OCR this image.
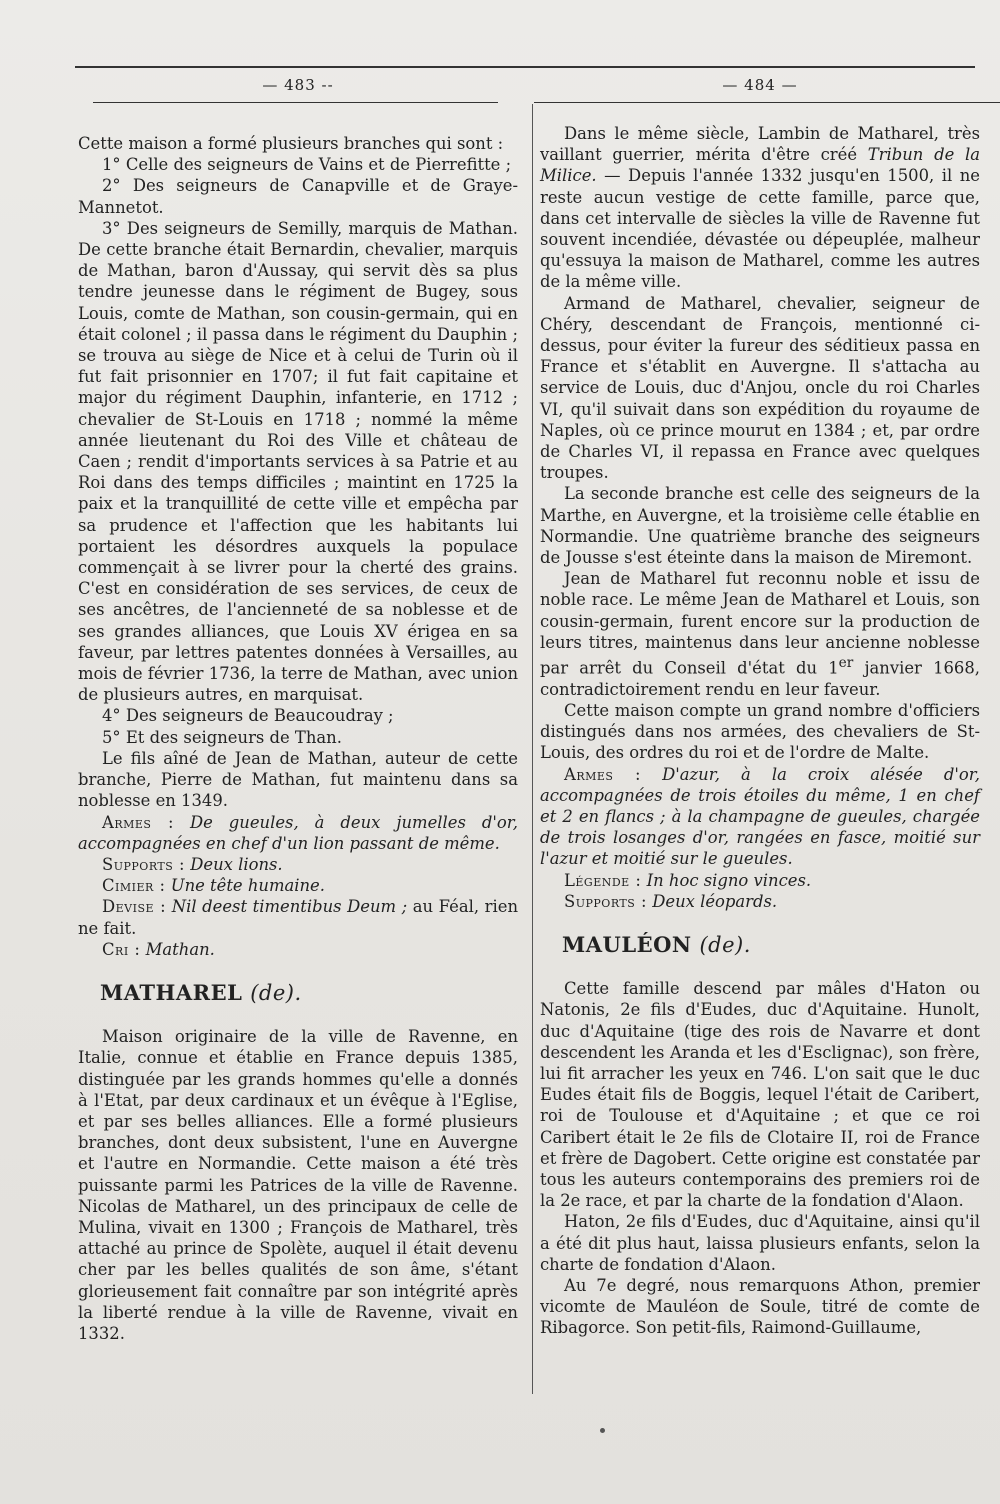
— 483 --

Cette maison a formé plusieurs branches qui sont :

1° Celle des seigneurs de Vains et de Pierrefitte ;

2° Des seigneurs de Canapville et de Graye-Mannetot.

3° Des seigneurs de Semilly, marquis de Mathan. De cette branche était Bernardin, chevalier, marquis de Mathan, baron d'Aussay, qui servit dès sa plus tendre jeunesse dans le régiment de Bugey, sous Louis, comte de Mathan, son cousin-germain, qui en était colonel ; il passa dans le régiment du Dauphin ; se trouva au siège de Nice et à celui de Turin où il fut fait prisonnier en 1707; il fut fait capitaine et major du régiment Dauphin, infanterie, en 1712 ; chevalier de St-Louis en 1718 ; nommé la même année lieutenant du Roi des Ville et château de Caen ; rendit d'importants services à sa Patrie et au Roi dans des temps difficiles ; maintint en 1725 la paix et la tranquillité de cette ville et empêcha par sa prudence et l'affection que les habitants lui portaient les désordres auxquels la populace commençait à se livrer pour la cherté des grains. C'est en considération de ses services, de ceux de ses ancêtres, de l'ancienneté de sa noblesse et de ses grandes alliances, que Louis XV érigea en sa faveur, par lettres patentes données à Versailles, au mois de février 1736, la terre de Mathan, avec union de plusieurs autres, en marquisat.

4° Des seigneurs de Beaucoudray ;

5° Et des seigneurs de Than.

Le fils aîné de Jean de Mathan, auteur de cette branche, Pierre de Mathan, fut maintenu dans sa noblesse en 1349.

Armes : De gueules, à deux jumelles d'or, accompagnées en chef d'un lion passant de même.

Supports : Deux lions.

Cimier : Une tête humaine.

Devise : Nil deest timentibus Deum ; au Féal, rien ne fait.

Cri : Mathan.

MATHAREL (de).

Maison originaire de la ville de Ravenne, en Italie, connue et établie en France depuis 1385, distinguée par les grands hommes qu'elle a donnés à l'Etat, par deux cardinaux et un évêque à l'Eglise, et par ses belles alliances. Elle a formé plusieurs branches, dont deux subsistent, l'une en Auvergne et l'autre en Normandie. Cette maison a été très puissante parmi les Patrices de la ville de Ravenne. Nicolas de Matharel, un des principaux de celle de Mulina, vivait en 1300 ; François de Matharel, très attaché au prince de Spolète, auquel il était devenu cher par les belles qualités de son âme, s'étant glorieusement fait connaître par son intégrité après la liberté rendue à la ville de Ravenne, vivait en 1332.

— 484 —

Dans le même siècle, Lambin de Matharel, très vaillant guerrier, mérita d'être créé Tribun de la Milice. — Depuis l'année 1332 jusqu'en 1500, il ne reste aucun vestige de cette famille, parce que, dans cet intervalle de siècles la ville de Ravenne fut souvent incendiée, dévastée ou dépeuplée, malheur qu'essuya la maison de Matharel, comme les autres de la même ville.

Armand de Matharel, chevalier, seigneur de Chéry, descendant de François, mentionné ci-dessus, pour éviter la fureur des séditieux passa en France et s'établit en Auvergne. Il s'attacha au service de Louis, duc d'Anjou, oncle du roi Charles VI, qu'il suivait dans son expédition du royaume de Naples, où ce prince mourut en 1384 ; et, par ordre de Charles VI, il repassa en France avec quelques troupes.

La seconde branche est celle des seigneurs de la Marthe, en Auvergne, et la troisième celle établie en Normandie. Une quatrième branche des seigneurs de Jousse s'est éteinte dans la maison de Miremont.

Jean de Matharel fut reconnu noble et issu de noble race. Le même Jean de Matharel et Louis, son cousin-germain, furent encore sur la production de leurs titres, maintenus dans leur ancienne noblesse par arrêt du Conseil d'état du 1er janvier 1668, contradictoirement rendu en leur faveur.

Cette maison compte un grand nombre d'officiers distingués dans nos armées, des chevaliers de St-Louis, des ordres du roi et de l'ordre de Malte.

Armes : D'azur, à la croix alésée d'or, accompagnées de trois étoiles du même, 1 en chef et 2 en flancs ; à la champagne de gueules, chargée de trois losanges d'or, rangées en fasce, moitié sur l'azur et moitié sur le gueules.

Légende : In hoc signo vinces.

Supports : Deux léopards.

MAULÉON (de).

Cette famille descend par mâles d'Haton ou Natonis, 2e fils d'Eudes, duc d'Aquitaine. Hunolt, duc d'Aquitaine (tige des rois de Navarre et dont descendent les Aranda et les d'Esclignac), son frère, lui fit arracher les yeux en 746. L'on sait que le duc Eudes était fils de Boggis, lequel l'était de Caribert, roi de Toulouse et d'Aquitaine ; et que ce roi Caribert était le 2e fils de Clotaire II, roi de France et frère de Dagobert. Cette origine est constatée par tous les auteurs contemporains des premiers roi de la 2e race, et par la charte de la fondation d'Alaon.

Haton, 2e fils d'Eudes, duc d'Aquitaine, ainsi qu'il a été dit plus haut, laissa plusieurs enfants, selon la charte de fondation d'Alaon.

Au 7e degré, nous remarquons Athon, premier vicomte de Mauléon de Soule, titré de comte de Ribagorce. Son petit-fils, Raimond-Guillaume,
